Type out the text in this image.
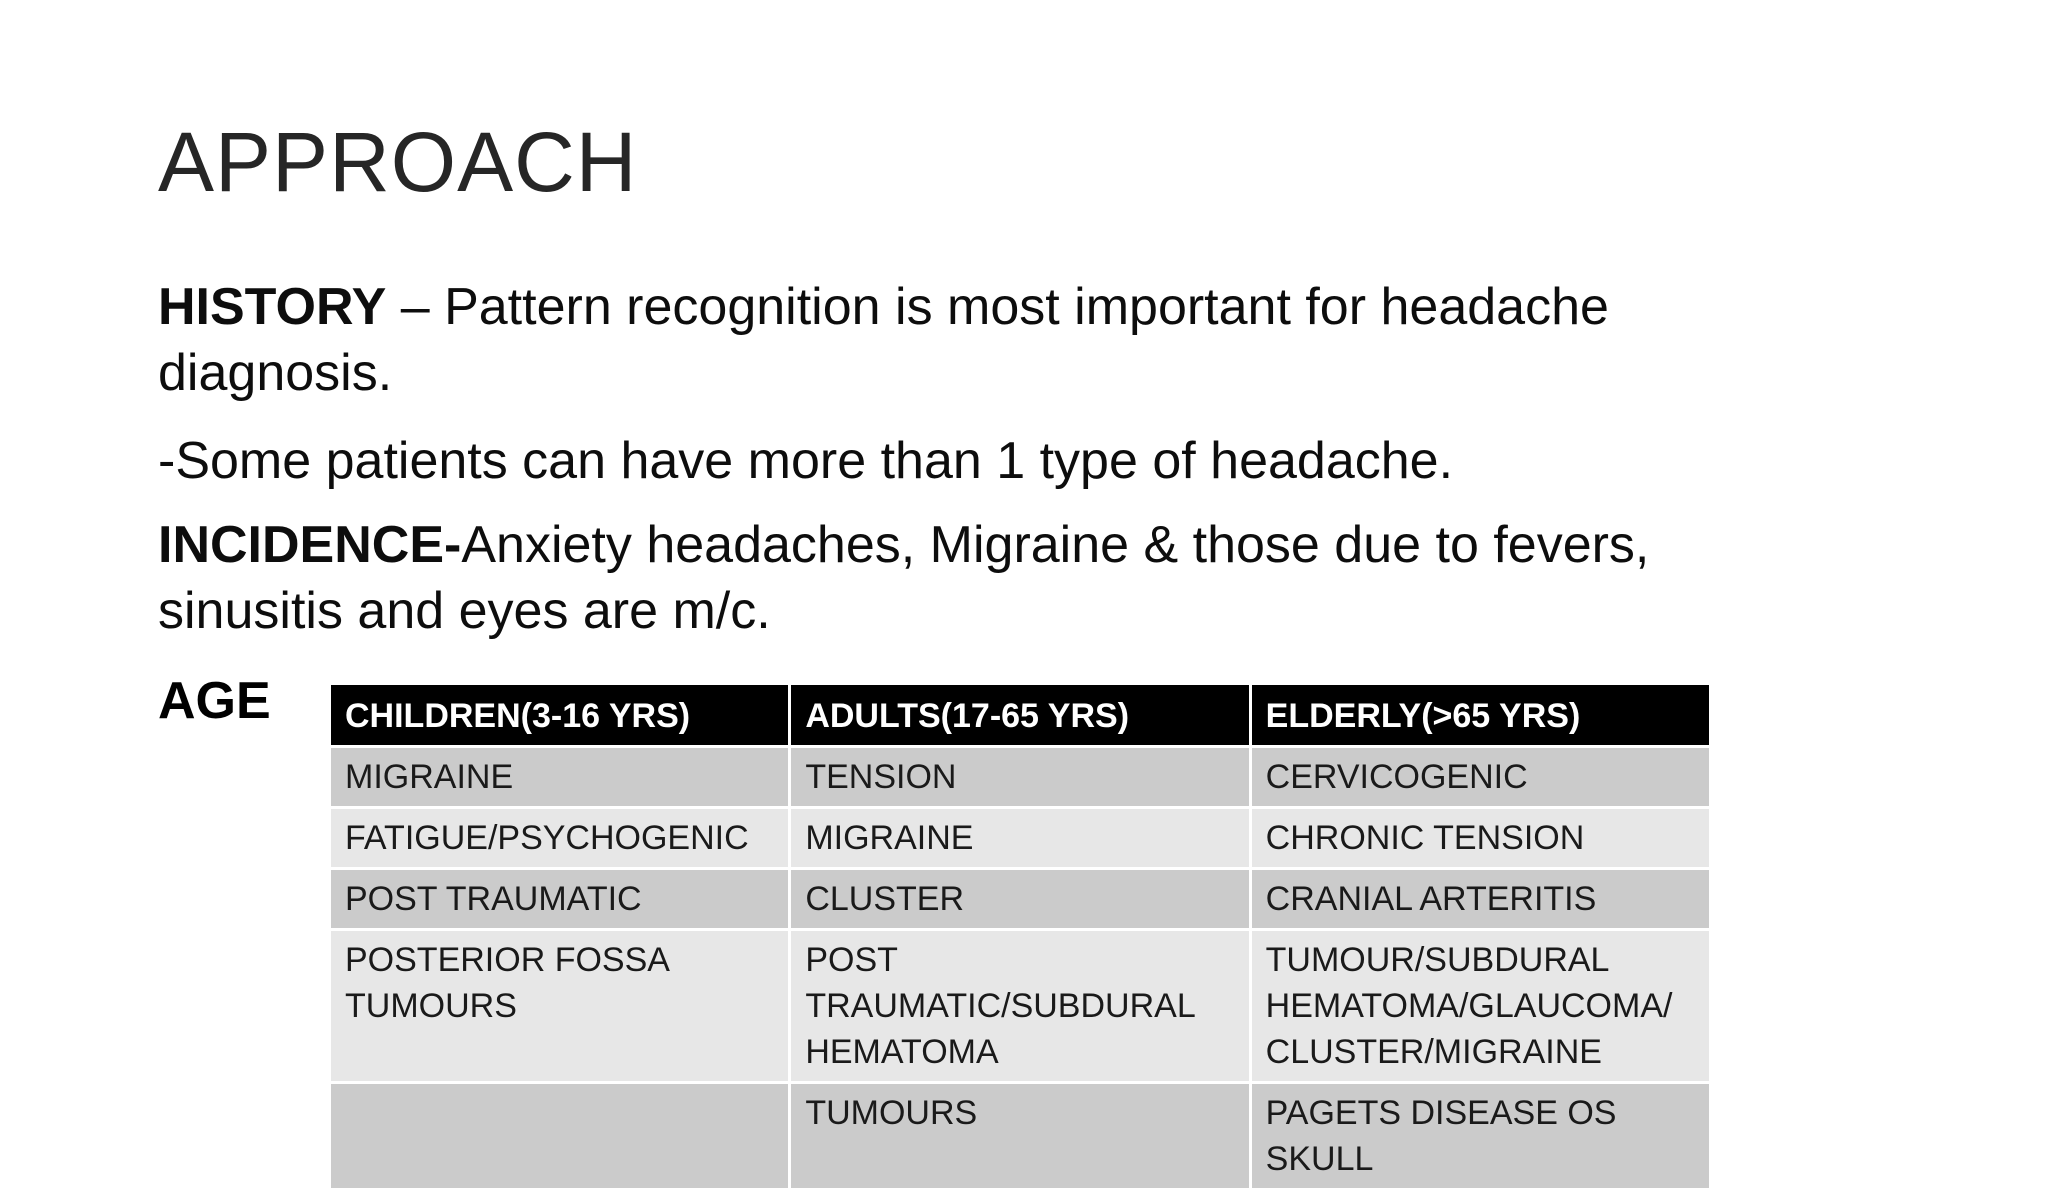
APPROACH
HISTORY – Pattern recognition is most important for headache diagnosis.
-Some patients can have more than 1 type of headache.
INCIDENCE-Anxiety headaches, Migraine & those due to fevers, sinusitis and eyes are m/c.
AGE CHILDREN(3-16 YRS)	ADULTS(17-65 YRS)	ELDERLY(>65 YRS)
MIGRAINE	TENSION	CERVICOGENIC
FATIGUE/PSYCHOGENIC	MIGRAINE	CHRONIC TENSION
POST TRAUMATIC	CLUSTER	CRANIAL ARTERITIS
POSTERIOR FOSSA TUMOURS	POST TRAUMATIC/SUBDURAL HEMATOMA	TUMOUR/SUBDURAL HEMATOMA/GLAUCOMA/ CLUSTER/MIGRAINE
	TUMOURS	PAGETS DISEASE OS SKULL
